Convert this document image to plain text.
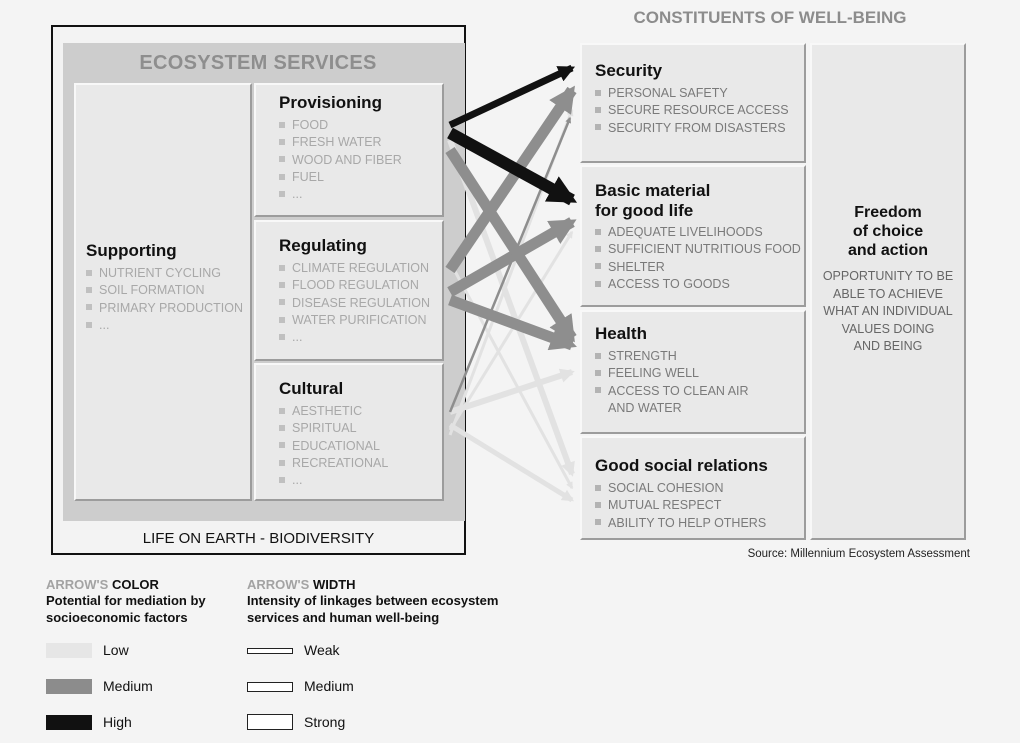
ECOSYSTEM SERVICES
Supporting
NUTRIENT CYCLING
SOIL FORMATION
PRIMARY PRODUCTION
...
Provisioning
FOOD
FRESH WATER
WOOD AND FIBER
FUEL
...
Regulating
CLIMATE REGULATION
FLOOD REGULATION
DISEASE REGULATION
WATER PURIFICATION
...
Cultural
AESTHETIC
SPIRITUAL
EDUCATIONAL
RECREATIONAL
...
LIFE ON EARTH - BIODIVERSITY
CONSTITUENTS OF WELL-BEING
Security
PERSONAL SAFETY
SECURE RESOURCE ACCESS
SECURITY FROM DISASTERS
Basic material
for good life
ADEQUATE LIVELIHOODS
SUFFICIENT NUTRITIOUS FOOD
SHELTER
ACCESS TO GOODS
Health
STRENGTH
FEELING WELL
ACCESS TO CLEAN AIR
AND WATER
Good social relations
SOCIAL COHESION
MUTUAL RESPECT
ABILITY TO HELP OTHERS
Freedom
of choice
and action
OPPORTUNITY TO BE
ABLE TO ACHIEVE
WHAT AN INDIVIDUAL
VALUES DOING
AND BEING
Source: Millennium Ecosystem Assessment
ARROW'S COLOR
Potential for mediation by
socioeconomic factors
Low
Medium
High
ARROW'S WIDTH
Intensity of linkages between ecosystem
services and human well-being
Weak
Medium
Strong
